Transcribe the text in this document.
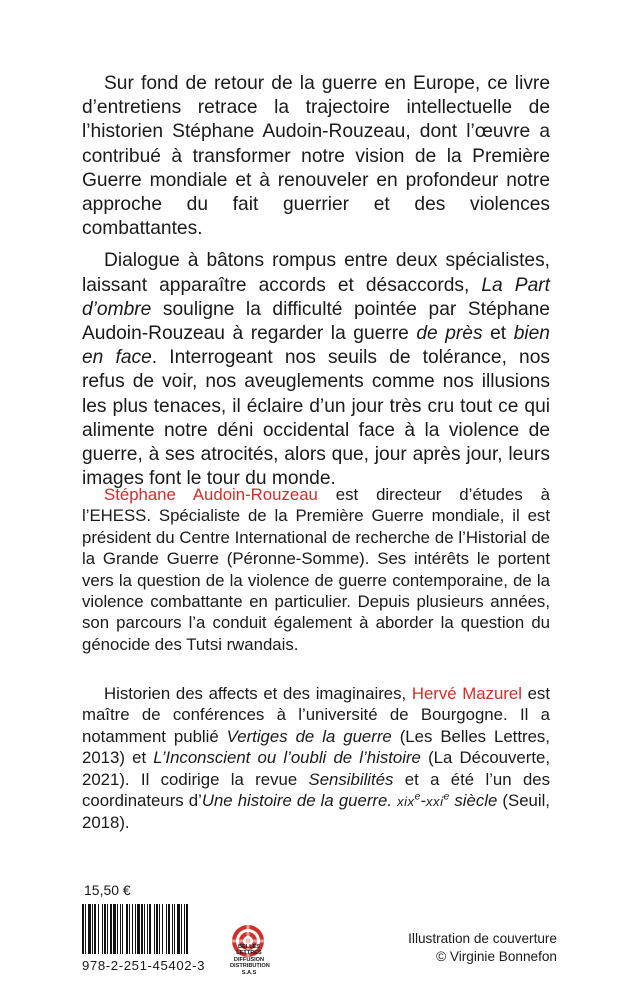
Sur fond de retour de la guerre en Europe, ce livre d’entretiens retrace la trajectoire intellectuelle de l’historien Stéphane Audoin-Rouzeau, dont l’œuvre a contribué à transformer notre vision de la Première Guerre mondiale et à renouveler en profondeur notre approche du fait guerrier et des violences combattantes.

Dialogue à bâtons rompus entre deux spécialistes, laissant apparaître accords et désaccords, La Part d’ombre souligne la difficulté pointée par Stéphane Audoin-Rouzeau à regarder la guerre de près et bien en face. Interrogeant nos seuils de tolérance, nos refus de voir, nos aveuglements comme nos illusions les plus tenaces, il éclaire d’un jour très cru tout ce qui alimente notre déni occidental face à la violence de guerre, à ses atrocités, alors que, jour après jour, leurs images font le tour du monde.

Stéphane Audoin-Rouzeau est directeur d’études à l’EHESS. Spécialiste de la Première Guerre mondiale, il est président du Centre International de recherche de l’Historial de la Grande Guerre (Péronne-Somme). Ses intérêts le portent vers la question de la violence de guerre contemporaine, de la violence combattante en particulier. Depuis plusieurs années, son parcours l’a conduit également à aborder la question du génocide des Tutsi rwandais.

Historien des affects et des imaginaires, Hervé Mazurel est maître de conférences à l’université de Bourgogne. Il a notamment publié Vertiges de la guerre (Les Belles Lettres, 2013) et L’Inconscient ou l’oubli de l’histoire (La Découverte, 2021). Il codirige la revue Sensibilités et a été l’un des coordinateurs d’Une histoire de la guerre. xix$^e$-xxi$^e$ siècle (Seuil, 2018).

15,50 €
978-2-251-45402-3
BELLES LETTRES
DIFFUSION
DISTRIBUTION
S.A.S
Illustration de couverture
© Virginie Bonnefon
